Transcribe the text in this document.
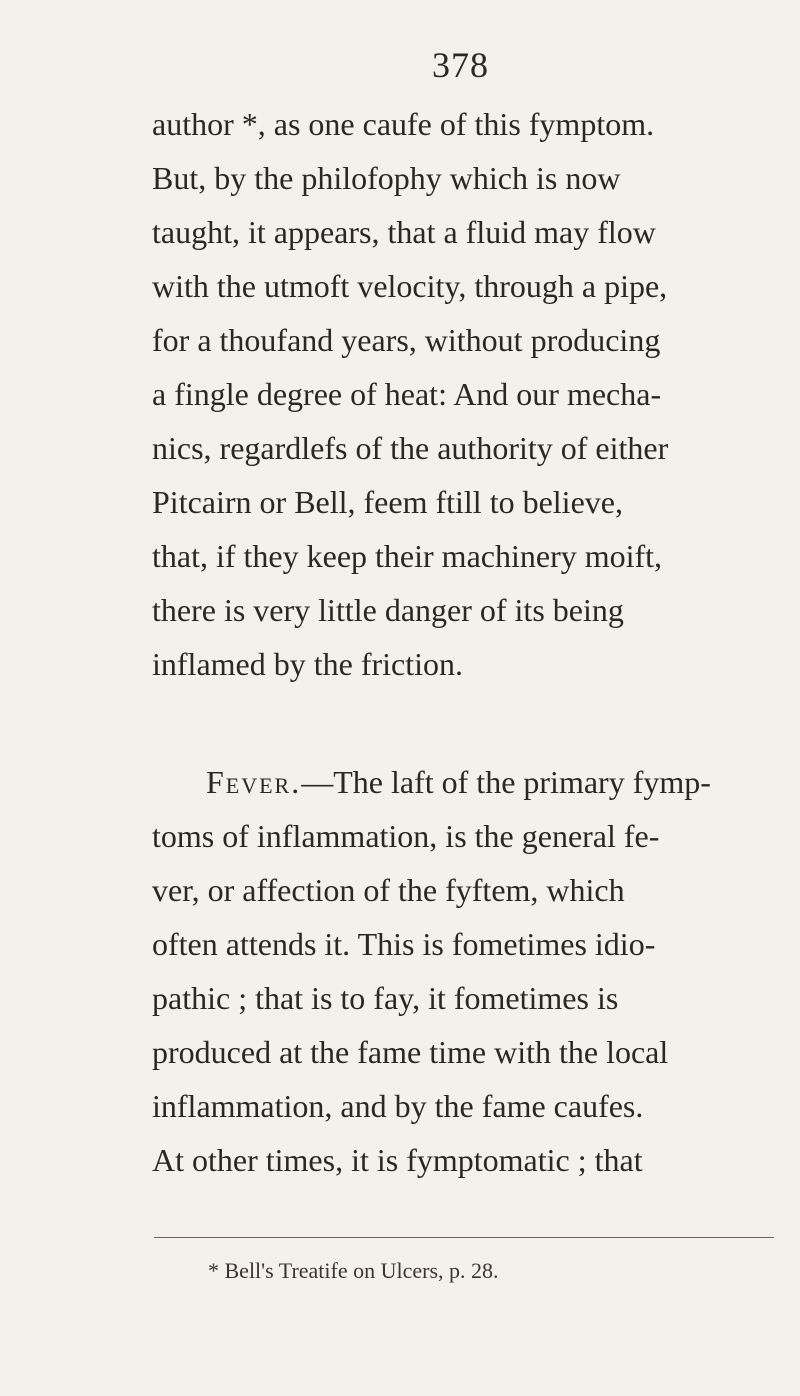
378
author *, as one caufe of this fymptom.
But, by the philofophy which is now
taught, it appears, that a fluid may flow
with the utmoft velocity, through a pipe,
for a thoufand years, without producing
a fingle degree of heat: And our mecha-
nics, regardlefs of the authority of either
Pitcairn or Bell, feem ftill to believe,
that, if they keep their machinery moift,
there is very little danger of its being
inflamed by the friction.
Fever.—The laft of the primary fymp-
toms of inflammation, is the general fe-
ver, or affection of the fyftem, which
often attends it. This is fometimes idio-
pathic ; that is to fay, it fometimes is
produced at the fame time with the local
inflammation, and by the fame caufes.
At other times, it is fymptomatic ; that
* Bell's Treatife on Ulcers, p. 28.
